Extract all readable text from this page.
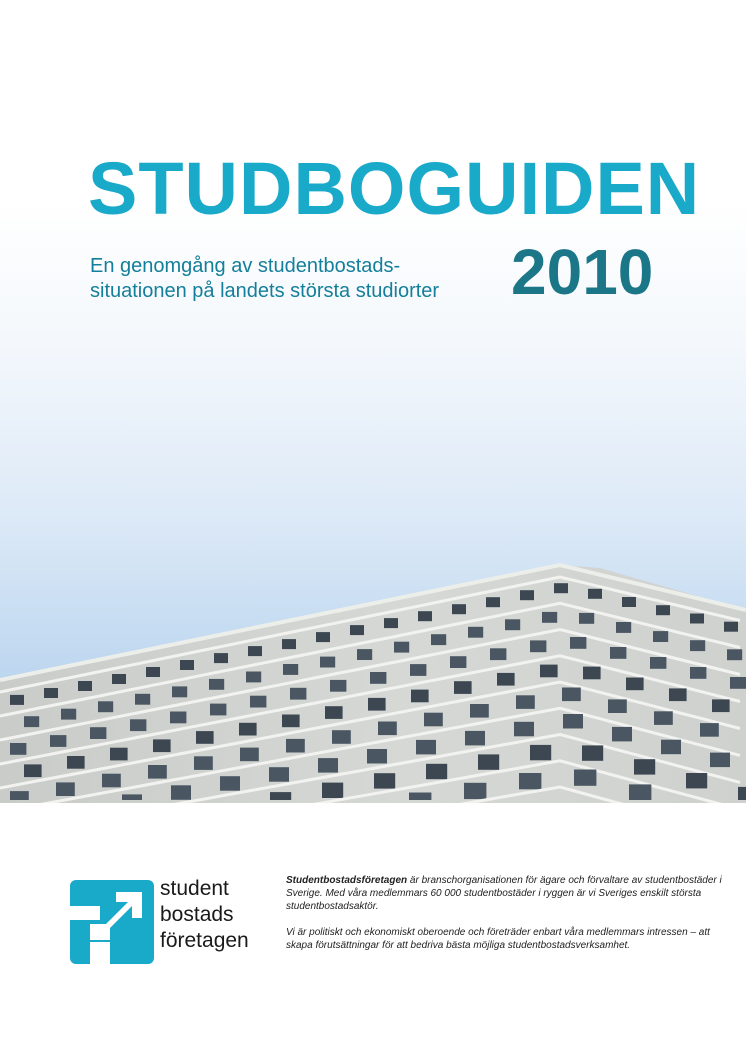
STUDBOGUIDEN

En genomgång av studentbostads-
situationen på landets största studiorter	2010
student
bostads
företagen

Studentbostadsföretagen är branschorganisationen för ägare och förvaltare av studentbostäder i Sverige. Med våra medlemmars 60 000 studentbostäder i ryggen är vi Sveriges enskilt största studentbostadsaktör.

Vi är politiskt och ekonomiskt oberoende och företräder enbart våra medlemmars intressen – att skapa förutsättningar för att bedriva bästa möjliga studentbostadsverksamhet.
